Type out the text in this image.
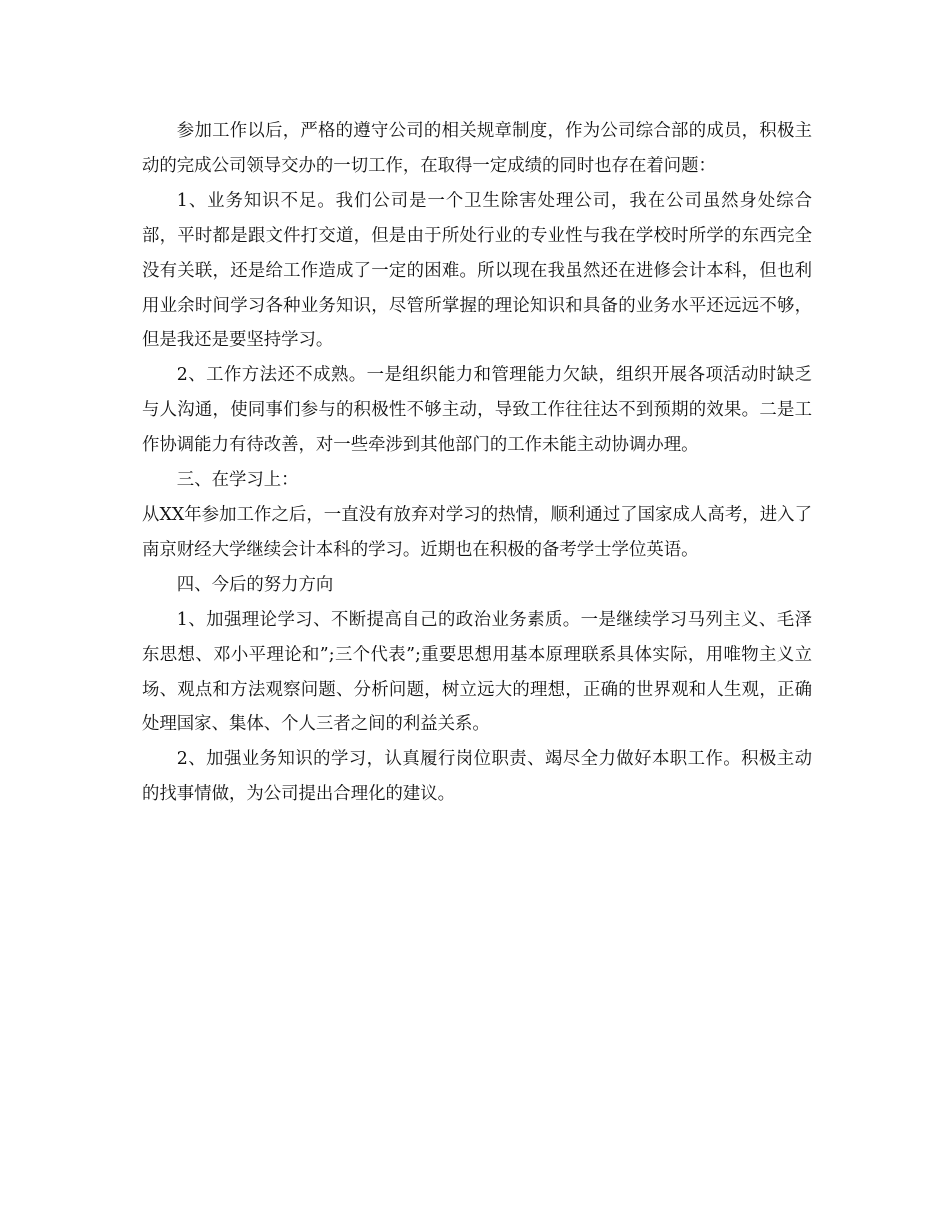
参加工作以后，严格的遵守公司的相关规章制度，作为公司综合部的成员，积极主动的完成公司领导交办的一切工作，在取得一定成绩的同时也存在着问题：

1、业务知识不足。我们公司是一个卫生除害处理公司，我在公司虽然身处综合部，平时都是跟文件打交道，但是由于所处行业的专业性与我在学校时所学的东西完全没有关联，还是给工作造成了一定的困难。所以现在我虽然还在进修会计本科，但也利用业余时间学习各种业务知识，尽管所掌握的理论知识和具备的业务水平还远远不够，但是我还是要坚持学习。

2、工作方法还不成熟。一是组织能力和管理能力欠缺，组织开展各项活动时缺乏与人沟通，使同事们参与的积极性不够主动，导致工作往往达不到预期的效果。二是工作协调能力有待改善，对一些牵涉到其他部门的工作未能主动协调办理。

三、在学习上：

从XX年参加工作之后，一直没有放弃对学习的热情，顺利通过了国家成人高考，进入了南京财经大学继续会计本科的学习。近期也在积极的备考学士学位英语。

四、今后的努力方向

1、加强理论学习、不断提高自己的政治业务素质。一是继续学习马列主义、毛泽东思想、邓小平理论和”;三个代表”;重要思想用基本原理联系具体实际，用唯物主义立场、观点和方法观察问题、分析问题，树立远大的理想，正确的世界观和人生观，正确处理国家、集体、个人三者之间的利益关系。

2、加强业务知识的学习，认真履行岗位职责、竭尽全力做好本职工作。积极主动的找事情做，为公司提出合理化的建议。
